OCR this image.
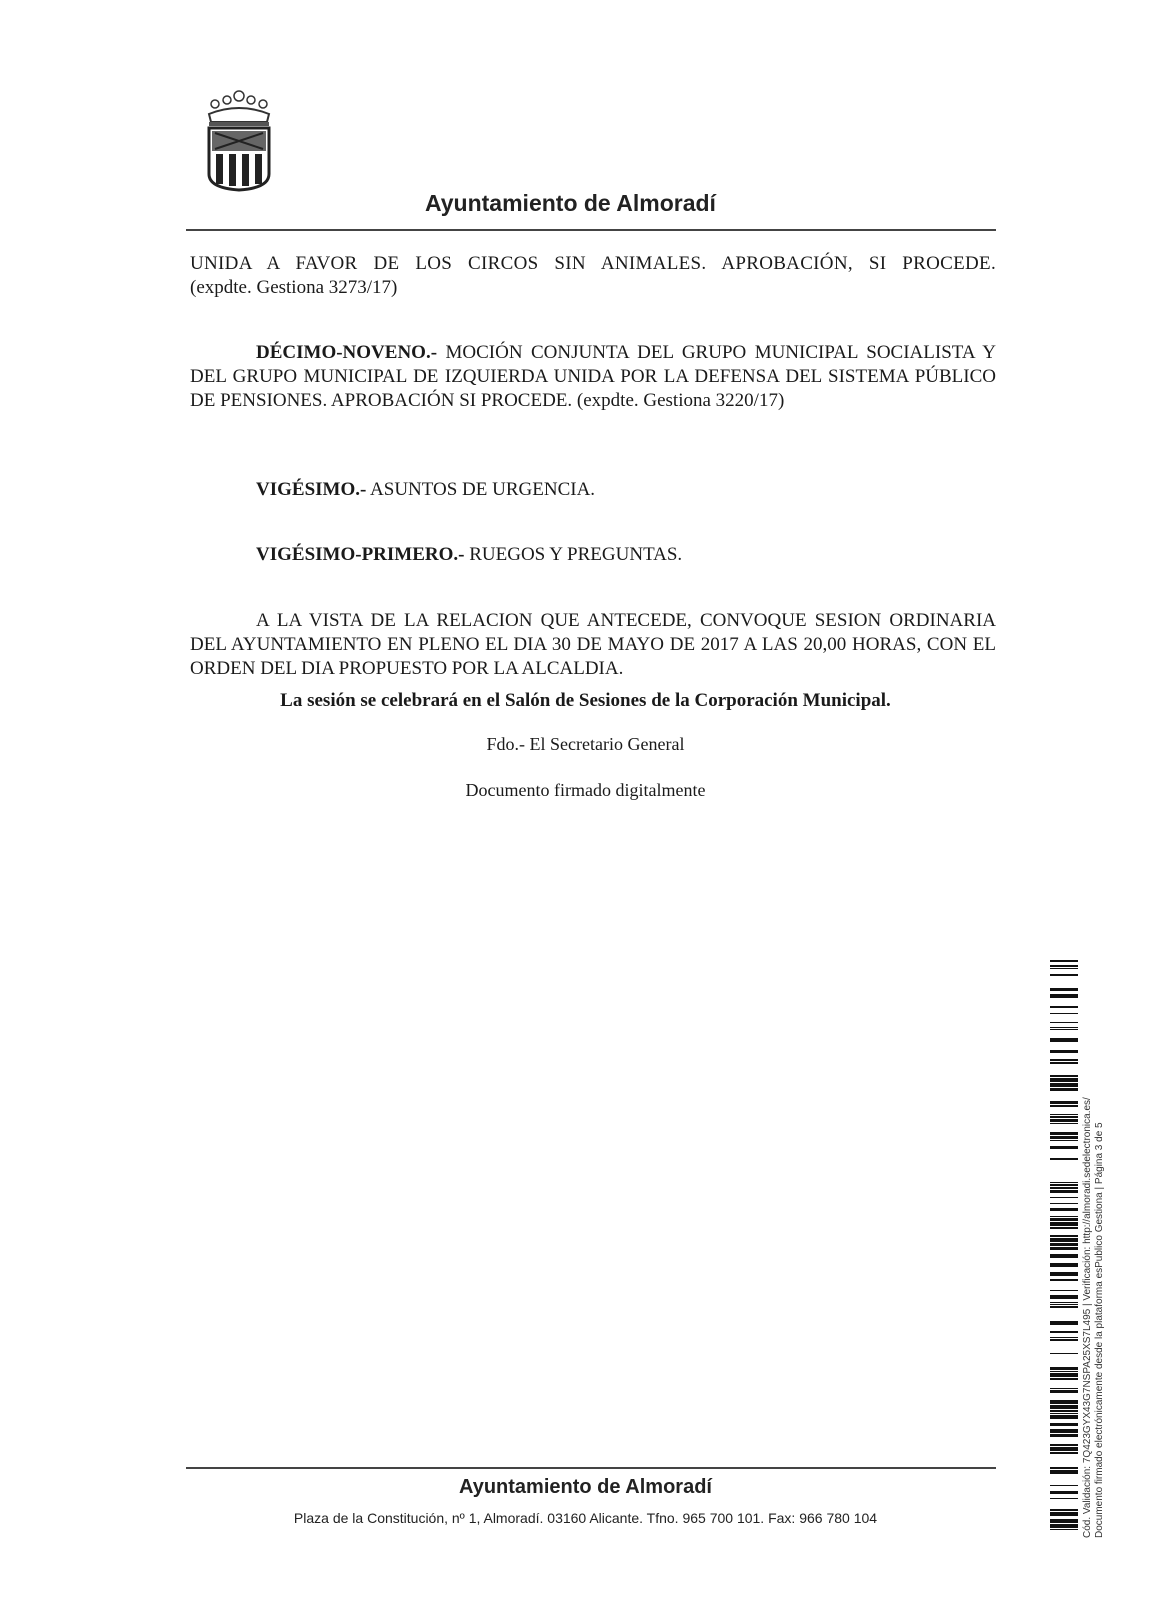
Ayuntamiento de Almoradí
UNIDA A FAVOR DE LOS CIRCOS SIN ANIMALES. APROBACIÓN, SI PROCEDE.
(expdte. Gestiona 3273/17)
DÉCIMO-NOVENO.- MOCIÓN CONJUNTA DEL GRUPO MUNICIPAL SOCIALISTA Y DEL GRUPO MUNICIPAL DE IZQUIERDA UNIDA POR LA DEFENSA DEL SISTEMA PÚBLICO DE PENSIONES. APROBACIÓN SI PROCEDE. (expdte. Gestiona 3220/17)
VIGÉSIMO.- ASUNTOS DE URGENCIA.
VIGÉSIMO-PRIMERO.- RUEGOS Y PREGUNTAS.
A LA VISTA DE LA RELACION QUE ANTECEDE, CONVOQUE SESION ORDINARIA DEL AYUNTAMIENTO EN PLENO EL DIA 30 DE MAYO DE 2017 A LAS 20,00 HORAS, CON EL ORDEN DEL DIA PROPUESTO POR LA ALCALDIA.
La sesión se celebrará en el Salón de Sesiones de la Corporación Municipal.
Fdo.- El Secretario General
Documento firmado digitalmente
Ayuntamiento de Almoradí
Plaza de la Constitución, nº 1, Almoradí. 03160 Alicante. Tfno. 965 700 101. Fax: 966 780 104	Cód. Validación: 7Q423GYX43G7NSPA25XS7L495 | Verificación: http://almoradi.sedelectronica.es/ Documento firmado electrónicamente desde la plataforma esPublico Gestiona | Página 3 de 5
